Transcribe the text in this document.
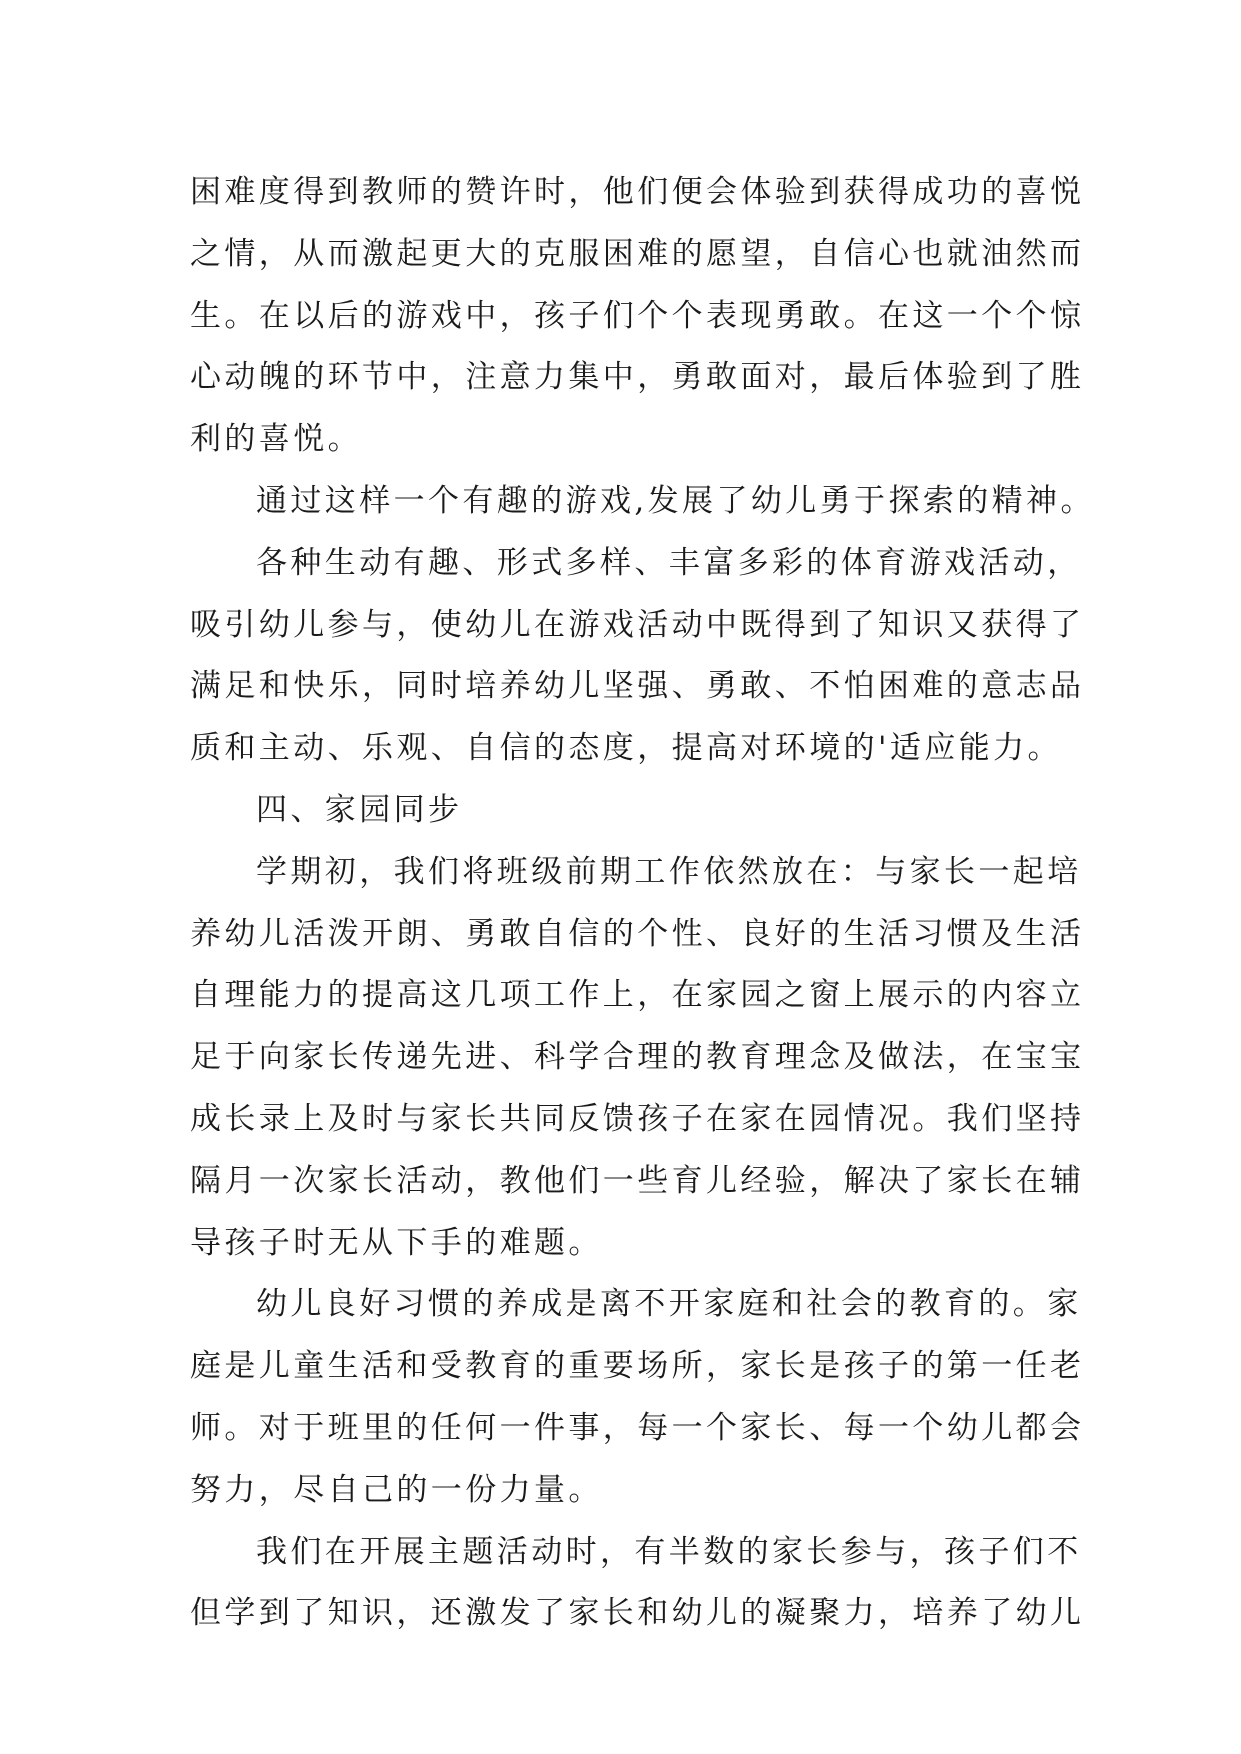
困难度得到教师的赞许时，他们便会体验到获得成功的喜悦
之情，从而激起更大的克服困难的愿望，自信心也就油然而
生。在以后的游戏中，孩子们个个表现勇敢。在这一个个惊
心动魄的环节中，注意力集中，勇敢面对，最后体验到了胜
利的喜悦。
通过这样一个有趣的游戏,发展了幼儿勇于探索的精神。
各种生动有趣、形式多样、丰富多彩的体育游戏活动，
吸引幼儿参与，使幼儿在游戏活动中既得到了知识又获得了
满足和快乐，同时培养幼儿坚强、勇敢、不怕困难的意志品
质和主动、乐观、自信的态度，提高对环境的'适应能力。
四、家园同步
学期初，我们将班级前期工作依然放在：与家长一起培
养幼儿活泼开朗、勇敢自信的个性、良好的生活习惯及生活
自理能力的提高这几项工作上，在家园之窗上展示的内容立
足于向家长传递先进、科学合理的教育理念及做法，在宝宝
成长录上及时与家长共同反馈孩子在家在园情况。我们坚持
隔月一次家长活动，教他们一些育儿经验，解决了家长在辅
导孩子时无从下手的难题。
幼儿良好习惯的养成是离不开家庭和社会的教育的。家
庭是儿童生活和受教育的重要场所，家长是孩子的第一任老
师。对于班里的任何一件事，每一个家长、每一个幼儿都会
努力，尽自己的一份力量。
我们在开展主题活动时，有半数的家长参与，孩子们不
但学到了知识，还激发了家长和幼儿的凝聚力，培养了幼儿
